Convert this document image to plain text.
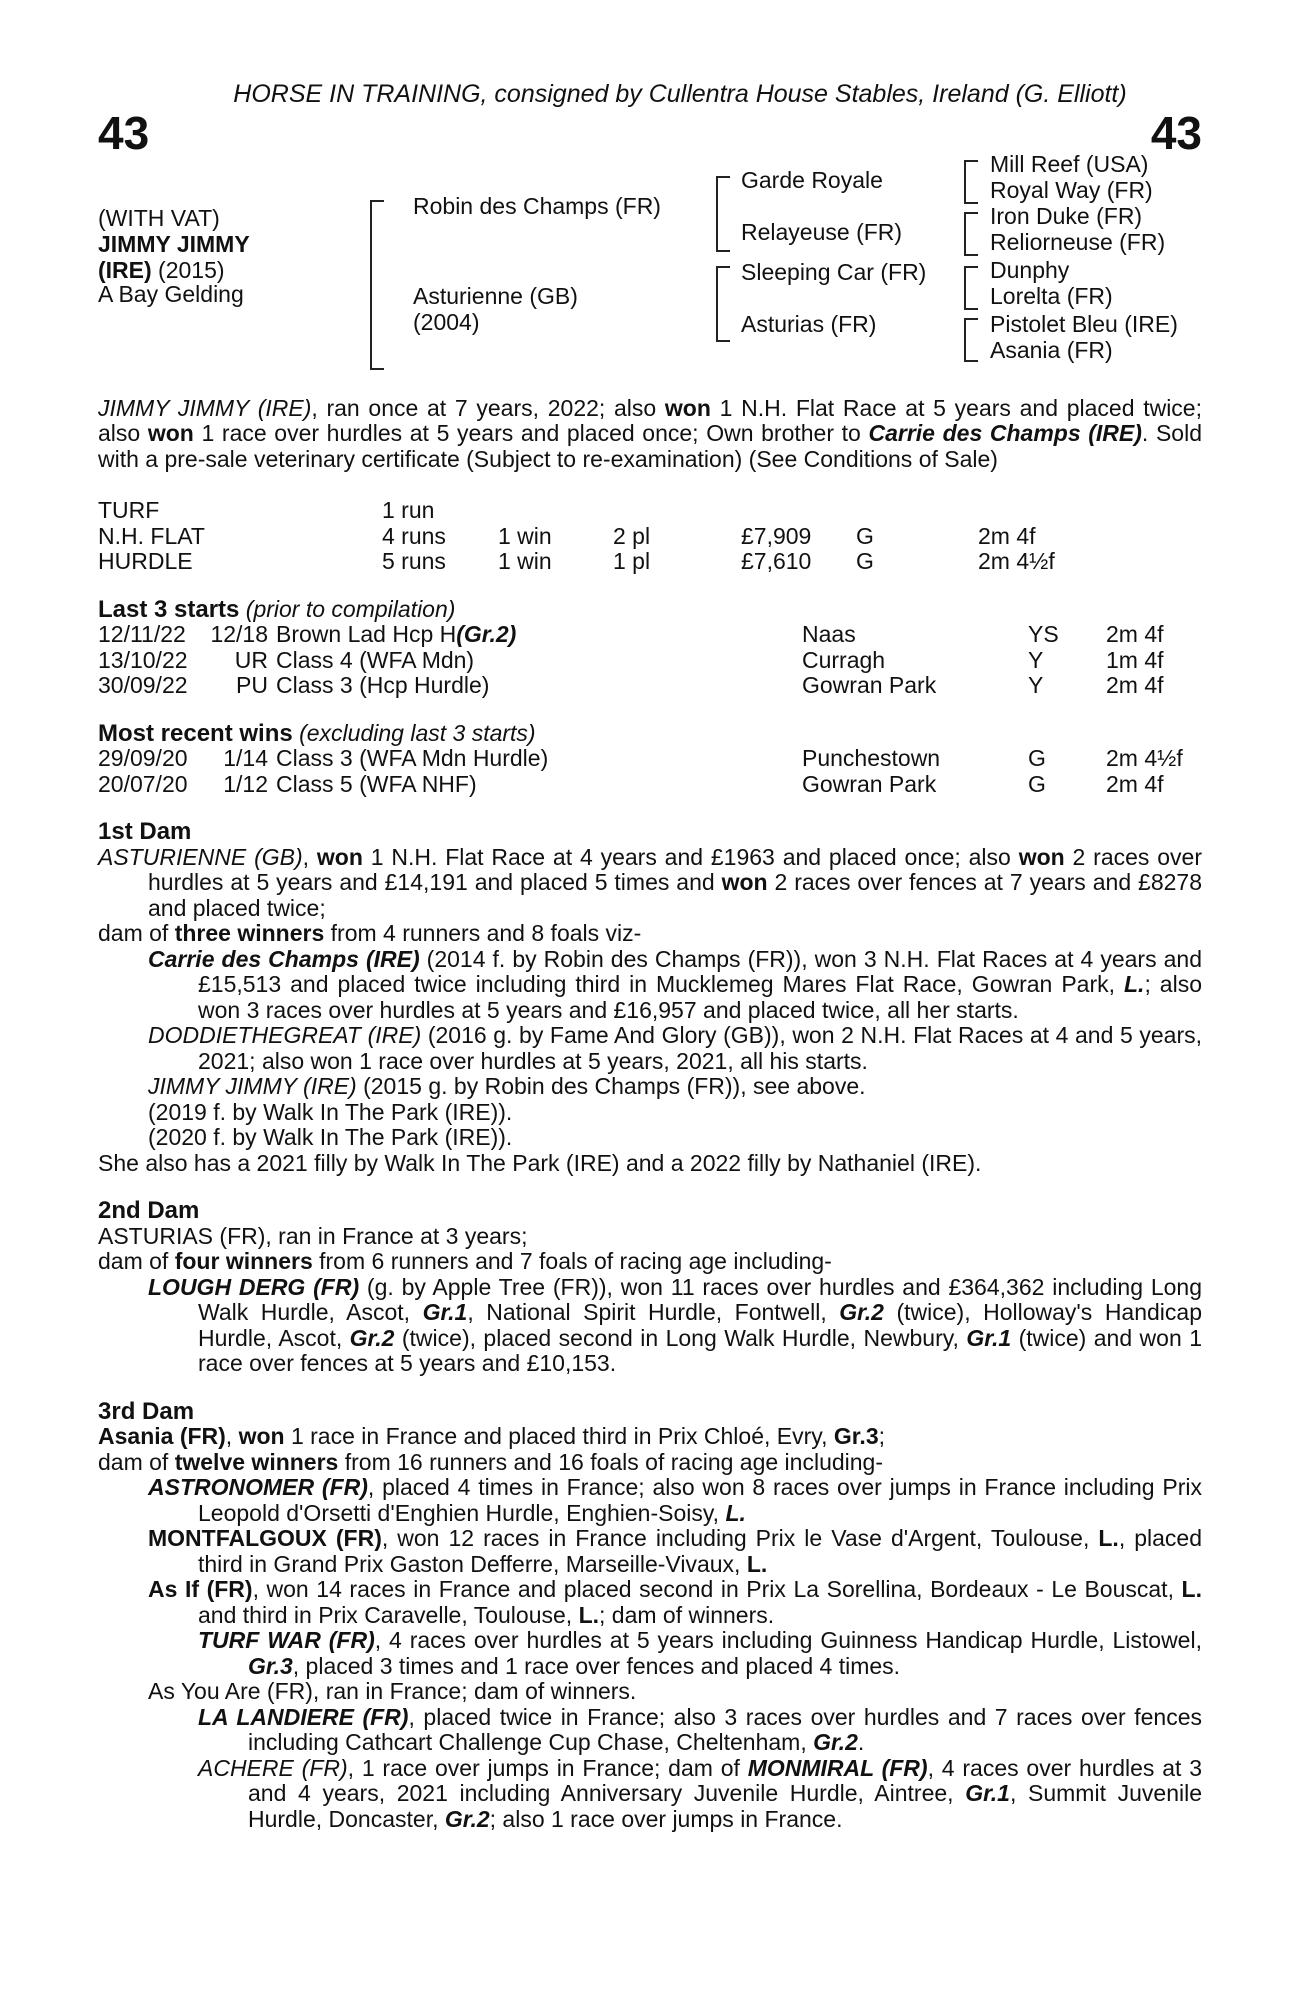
HORSE IN TRAINING, consigned by Cullentra House Stables, Ireland (G. Elliott)
43	43
(WITH VAT)
JIMMY JIMMY
(IRE) (2015)
A Bay Gelding
Robin des Champs (FR)
Asturienne (GB)
(2004)
Garde Royale
Relayeuse (FR)
Sleeping Car (FR)
Asturias (FR)
Mill Reef (USA)
Royal Way (FR)
Iron Duke (FR)
Reliorneuse (FR)
Dunphy
Lorelta (FR)
Pistolet Bleu (IRE)
Asania (FR)
JIMMY JIMMY (IRE), ran once at 7 years, 2022; also won 1 N.H. Flat Race at 5 years and placed twice; also won 1 race over hurdles at 5 years and placed once; Own brother to Carrie des Champs (IRE). Sold with a pre-sale veterinary certificate (Subject to re-examination) (See Conditions of Sale)
TURF	1 run
N.H. FLAT	4 runs	1 win	2 pl	£7,909	G	2m 4f
HURDLE	5 runs	1 win	1 pl	£7,610	G	2m 4½f
Last 3 starts (prior to compilation)
12/11/22	12/18 Brown Lad Hcp H(Gr.2)	Naas	YS	2m 4f
13/10/22	UR Class 4 (WFA Mdn)	Curragh	Y	1m 4f
30/09/22	PU Class 3 (Hcp Hurdle)	Gowran Park	Y	2m 4f
Most recent wins (excluding last 3 starts)
29/09/20	1/14 Class 3 (WFA Mdn Hurdle)	Punchestown	G	2m 4½f
20/07/20	1/12 Class 5 (WFA NHF)	Gowran Park	G	2m 4f
1st Dam
ASTURIENNE (GB), won 1 N.H. Flat Race at 4 years and £1963 and placed once; also won 2 races over hurdles at 5 years and £14,191 and placed 5 times and won 2 races over fences at 7 years and £8278 and placed twice;
dam of three winners from 4 runners and 8 foals viz-
Carrie des Champs (IRE) (2014 f. by Robin des Champs (FR)), won 3 N.H. Flat Races at 4 years and £15,513 and placed twice including third in Mucklemeg Mares Flat Race, Gowran Park, L.; also won 3 races over hurdles at 5 years and £16,957 and placed twice, all her starts.
DODDIETHEGREAT (IRE) (2016 g. by Fame And Glory (GB)), won 2 N.H. Flat Races at 4 and 5 years, 2021; also won 1 race over hurdles at 5 years, 2021, all his starts.
JIMMY JIMMY (IRE) (2015 g. by Robin des Champs (FR)), see above.
(2019 f. by Walk In The Park (IRE)).
(2020 f. by Walk In The Park (IRE)).
She also has a 2021 filly by Walk In The Park (IRE) and a 2022 filly by Nathaniel (IRE).
2nd Dam
ASTURIAS (FR), ran in France at 3 years;
dam of four winners from 6 runners and 7 foals of racing age including-
LOUGH DERG (FR) (g. by Apple Tree (FR)), won 11 races over hurdles and £364,362 including Long Walk Hurdle, Ascot, Gr.1, National Spirit Hurdle, Fontwell, Gr.2 (twice), Holloway's Handicap Hurdle, Ascot, Gr.2 (twice), placed second in Long Walk Hurdle, Newbury, Gr.1 (twice) and won 1 race over fences at 5 years and £10,153.
3rd Dam
Asania (FR), won 1 race in France and placed third in Prix Chloé, Evry, Gr.3;
dam of twelve winners from 16 runners and 16 foals of racing age including-
ASTRONOMER (FR), placed 4 times in France; also won 8 races over jumps in France including Prix Leopold d'Orsetti d'Enghien Hurdle, Enghien-Soisy, L.
MONTFALGOUX (FR), won 12 races in France including Prix le Vase d'Argent, Toulouse, L., placed third in Grand Prix Gaston Defferre, Marseille-Vivaux, L.
As If (FR), won 14 races in France and placed second in Prix La Sorellina, Bordeaux - Le Bouscat, L. and third in Prix Caravelle, Toulouse, L.; dam of winners.
TURF WAR (FR), 4 races over hurdles at 5 years including Guinness Handicap Hurdle, Listowel, Gr.3, placed 3 times and 1 race over fences and placed 4 times.
As You Are (FR), ran in France; dam of winners.
LA LANDIERE (FR), placed twice in France; also 3 races over hurdles and 7 races over fences including Cathcart Challenge Cup Chase, Cheltenham, Gr.2.
ACHERE (FR), 1 race over jumps in France; dam of MONMIRAL (FR), 4 races over hurdles at 3 and 4 years, 2021 including Anniversary Juvenile Hurdle, Aintree, Gr.1, Summit Juvenile Hurdle, Doncaster, Gr.2; also 1 race over jumps in France.
